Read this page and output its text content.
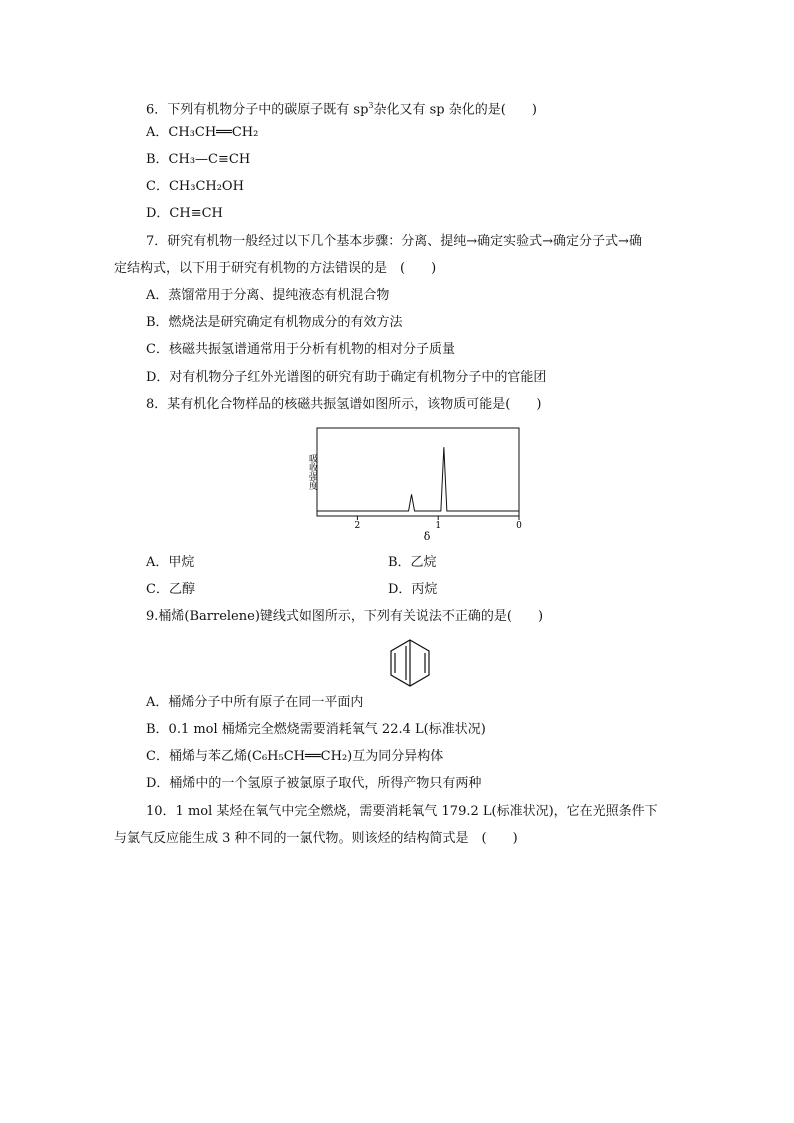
6．下列有机物分子中的碳原子既有 $sp^3$杂化又有 sp 杂化的是(　　)
A．CH₃CH══CH₂
B．CH₃—C≡CH
C．CH₃CH₂OH
D．CH≡CH
7．研究有机物一般经过以下几个基本步骤：分离、提纯→确定实验式→确定分子式→确
定结构式，以下用于研究有机物的方法错误的是　(　　)
A．蒸馏常用于分离、提纯液态有机混合物
B．燃烧法是研究确定有机物成分的有效方法
C．核磁共振氢谱通常用于分析有机物的相对分子质量
D．对有机物分子红外光谱图的研究有助于确定有机物分子中的官能团
8．某有机化合物样品的核磁共振氢谱如图所示，该物质可能是(　　)
2	1	0
吸收强度
δ
A．甲烷	B．乙烷
C．乙醇	D．丙烷
9.桶烯(Barrelene)键线式如图所示，下列有关说法不正确的是(　　)
A．桶烯分子中所有原子在同一平面内
B．0.1 mol 桶烯完全燃烧需要消耗氧气 22.4 L(标准状况)
C．桶烯与苯乙烯(C₆H₅CH══CH₂)互为同分异构体
D．桶烯中的一个氢原子被氯原子取代，所得产物只有两种
10．1 mol 某烃在氧气中完全燃烧，需要消耗氧气 179.2 L(标准状况)，它在光照条件下
与氯气反应能生成 3 种不同的一氯代物。则该烃的结构简式是　(　　)
